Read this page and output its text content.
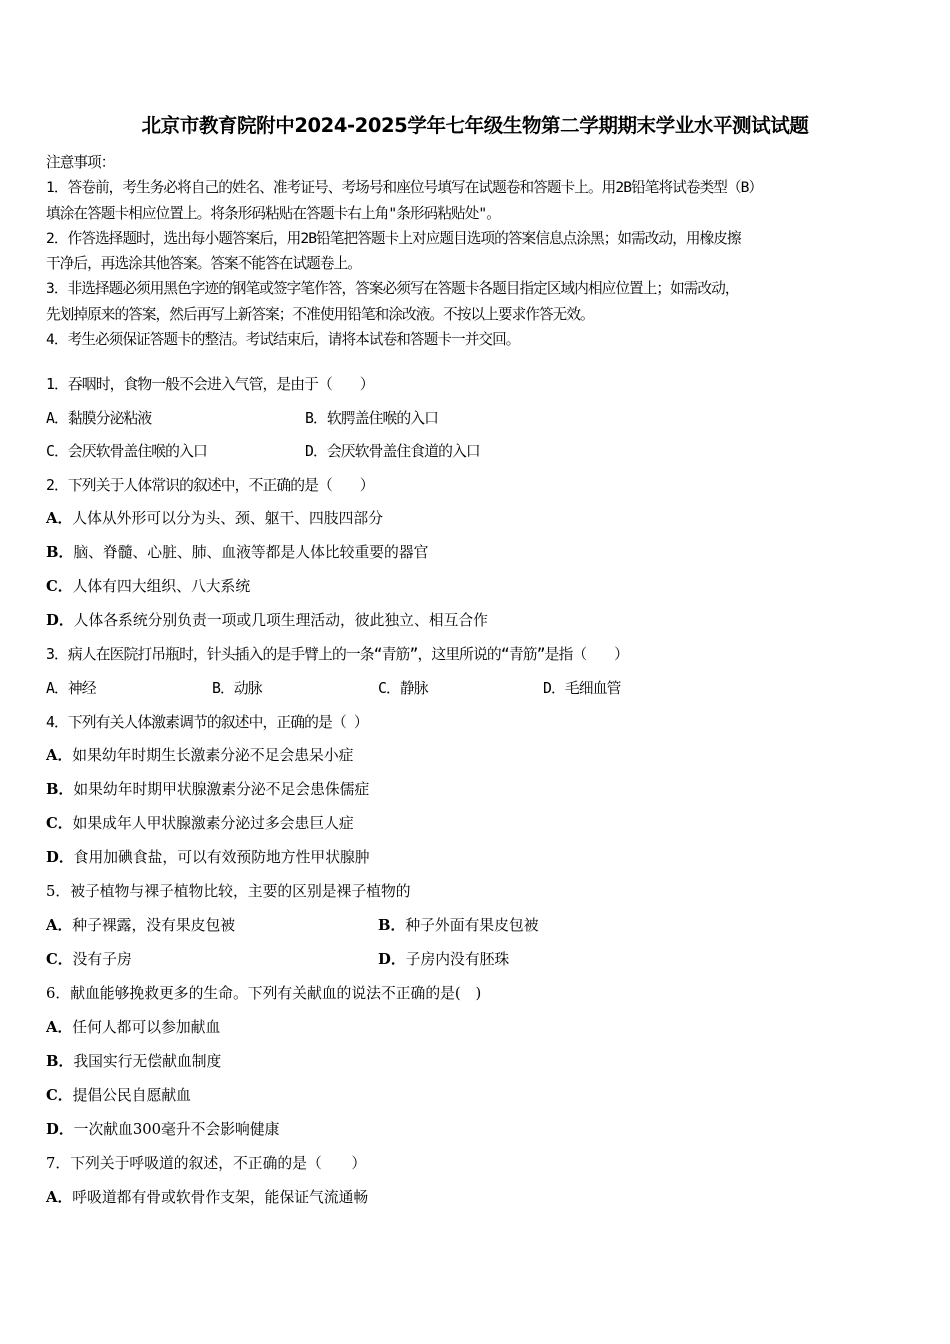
北京市教育院附中2024-2025学年七年级生物第二学期期末学业水平测试试题
注意事项：
1．答卷前，考生务必将自己的姓名、准考证号、考场号和座位号填写在试题卷和答题卡上。用2B铅笔将试卷类型（B）
填涂在答题卡相应位置上。将条形码粘贴在答题卡右上角"条形码粘贴处"。
2．作答选择题时，选出每小题答案后，用2B铅笔把答题卡上对应题目选项的答案信息点涂黑；如需改动，用橡皮擦
干净后，再选涂其他答案。答案不能答在试题卷上。
3．非选择题必须用黑色字迹的钢笔或签字笔作答，答案必须写在答题卡各题目指定区域内相应位置上；如需改动，
先划掉原来的答案，然后再写上新答案；不准使用铅笔和涂改液。不按以上要求作答无效。
4．考生必须保证答题卡的整洁。考试结束后，请将本试卷和答题卡一并交回。
1．吞咽时，食物一般不会进入气管，是由于（　　）
A．黏膜分泌粘液	B．软腭盖住喉的入口
C．会厌软骨盖住喉的入口	D．会厌软骨盖住食道的入口
2．下列关于人体常识的叙述中，不正确的是（　　）
A．人体从外形可以分为头、颈、躯干、四肢四部分
B．脑、脊髓、心脏、肺、血液等都是人体比较重要的器官
C．人体有四大组织、八大系统
D．人体各系统分别负责一项或几项生理活动，彼此独立、相互合作
3．病人在医院打吊瓶时，针头插入的是手臂上的一条“青筋”，这里所说的“青筋”是指（　　）
A．神经	B．动脉	C．静脉	D．毛细血管
4．下列有关人体激素调节的叙述中，正确的是（ ）
A．如果幼年时期生长激素分泌不足会患呆小症
B．如果幼年时期甲状腺激素分泌不足会患侏儒症
C．如果成年人甲状腺激素分泌过多会患巨人症
D．食用加碘食盐，可以有效预防地方性甲状腺肿
5．被子植物与裸子植物比较，主要的区别是裸子植物的
A．种子裸露，没有果皮包被	B．种子外面有果皮包被
C．没有子房	D．子房内没有胚珠
6．献血能够挽救更多的生命。下列有关献血的说法不正确的是(　)
A．任何人都可以参加献血
B．我国实行无偿献血制度
C．提倡公民自愿献血
D．一次献血300毫升不会影响健康
7．下列关于呼吸道的叙述，不正确的是（　　）
A．呼吸道都有骨或软骨作支架，能保证气流通畅
